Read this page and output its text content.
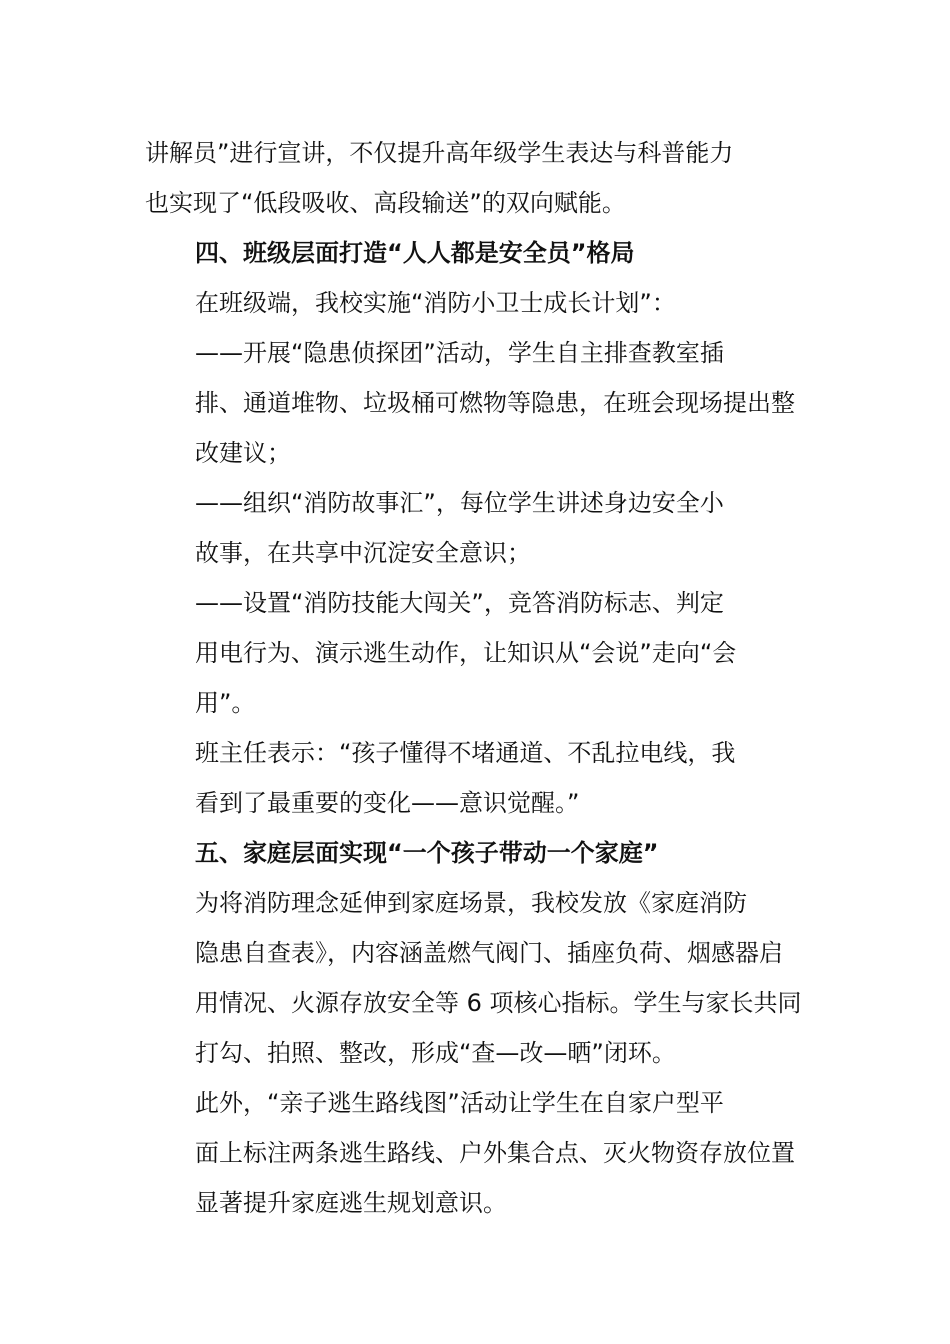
讲解员”进行宣讲，不仅提升高年级学生表达与科普能力
也实现了“低段吸收、高段输送”的双向赋能。

四、班级层面打造“人人都是安全员”格局

在班级端，我校实施“消防小卫士成长计划”：

——开展“隐患侦探团”活动，学生自主排查教室插
排、通道堆物、垃圾桶可燃物等隐患，在班会现场提出整
改建议；

——组织“消防故事汇”，每位学生讲述身边安全小
故事，在共享中沉淀安全意识；

——设置“消防技能大闯关”，竞答消防标志、判定
用电行为、演示逃生动作，让知识从“会说”走向“会
用”。

班主任表示：“孩子懂得不堵通道、不乱拉电线，我
看到了最重要的变化——意识觉醒。”

五、家庭层面实现“一个孩子带动一个家庭”

为将消防理念延伸到家庭场景，我校发放《家庭消防
隐患自查表》，内容涵盖燃气阀门、插座负荷、烟感器启
用情况、火源存放安全等 6 项核心指标。学生与家长共同
打勾、拍照、整改，形成“查—改—晒”闭环。

此外，“亲子逃生路线图”活动让学生在自家户型平
面上标注两条逃生路线、户外集合点、灭火物资存放位置
显著提升家庭逃生规划意识。
